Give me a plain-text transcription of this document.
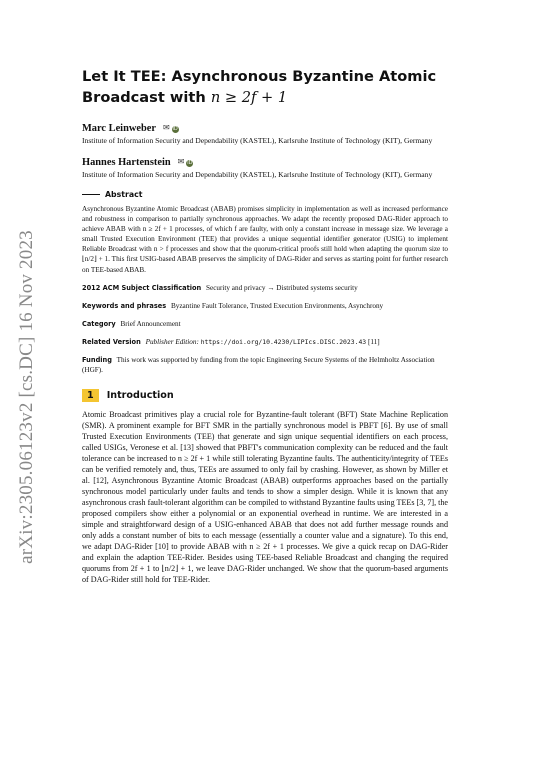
arXiv:2305.06123v2 [cs.DC] 16 Nov 2023
Let It TEE: Asynchronous Byzantine Atomic Broadcast with n ≥ 2f + 1
Marc Leinweber ✉ iD
Institute of Information Security and Dependability (KASTEL), Karlsruhe Institute of Technology (KIT), Germany
Hannes Hartenstein ✉ iD
Institute of Information Security and Dependability (KASTEL), Karlsruhe Institute of Technology (KIT), Germany
Abstract

Asynchronous Byzantine Atomic Broadcast (ABAB) promises simplicity in implementation as well as increased performance and robustness in comparison to partially synchronous approaches. We adapt the recently proposed DAG-Rider approach to achieve ABAB with n ≥ 2f + 1 processes, of which f are faulty, with only a constant increase in message size. We leverage a small Trusted Execution Environment (TEE) that provides a unique sequential identifier generator (USIG) to implement Reliable Broadcast with n > f processes and show that the quorum-critical proofs still hold when adapting the quorum size to ⌊n/2⌋ + 1. This first USIG-based ABAB preserves the simplicity of DAG-Rider and serves as starting point for further research on TEE-based ABAB.

2012 ACM Subject Classification Security and privacy → Distributed systems security

Keywords and phrases Byzantine Fault Tolerance, Trusted Execution Environments, Asynchrony

Category Brief Announcement

Related Version Publisher Edition: https://doi.org/10.4230/LIPIcs.DISC.2023.43 [11]

Funding This work was supported by funding from the topic Engineering Secure Systems of the Helmholtz Association (HGF).

1	Introduction

Atomic Broadcast primitives play a crucial role for Byzantine-fault tolerant (BFT) State Machine Replication (SMR). A prominent example for BFT SMR in the partially synchronous model is PBFT [6]. By use of small Trusted Execution Environments (TEE) that generate and sign unique sequential identifiers on each process, called USIGs, Veronese et al. [13] showed that PBFT's communication complexity can be reduced and the fault tolerance can be increased to n ≥ 2f + 1 while still tolerating Byzantine faults. The authenticity/integrity of TEEs can be verified remotely and, thus, TEEs are assumed to only fail by crashing. However, as shown by Miller et al. [12], Asynchronous Byzantine Atomic Broadcast (ABAB) outperforms approaches based on the partially synchronous model particularly under faults and tends to show a simpler design. While it is known that any asynchronous crash fault-tolerant algorithm can be compiled to withstand Byzantine faults using TEEs [3, 7], the proposed compilers show either a polynomial or an exponential overhead in runtime. We are interested in a simple and straightforward design of a USIG-enhanced ABAB that does not add further message rounds and only adds a constant number of bits to each message (essentially a counter value and a signature). To this end, we adapt DAG-Rider [10] to provide ABAB with n ≥ 2f + 1 processes. We give a quick recap on DAG-Rider and explain the adaption TEE-Rider. Besides using TEE-based Reliable Broadcast and changing the required quorums from 2f + 1 to ⌊n/2⌋ + 1, we leave DAG-Rider unchanged. We show that the quorum-based arguments of DAG-Rider still hold for TEE-Rider.
